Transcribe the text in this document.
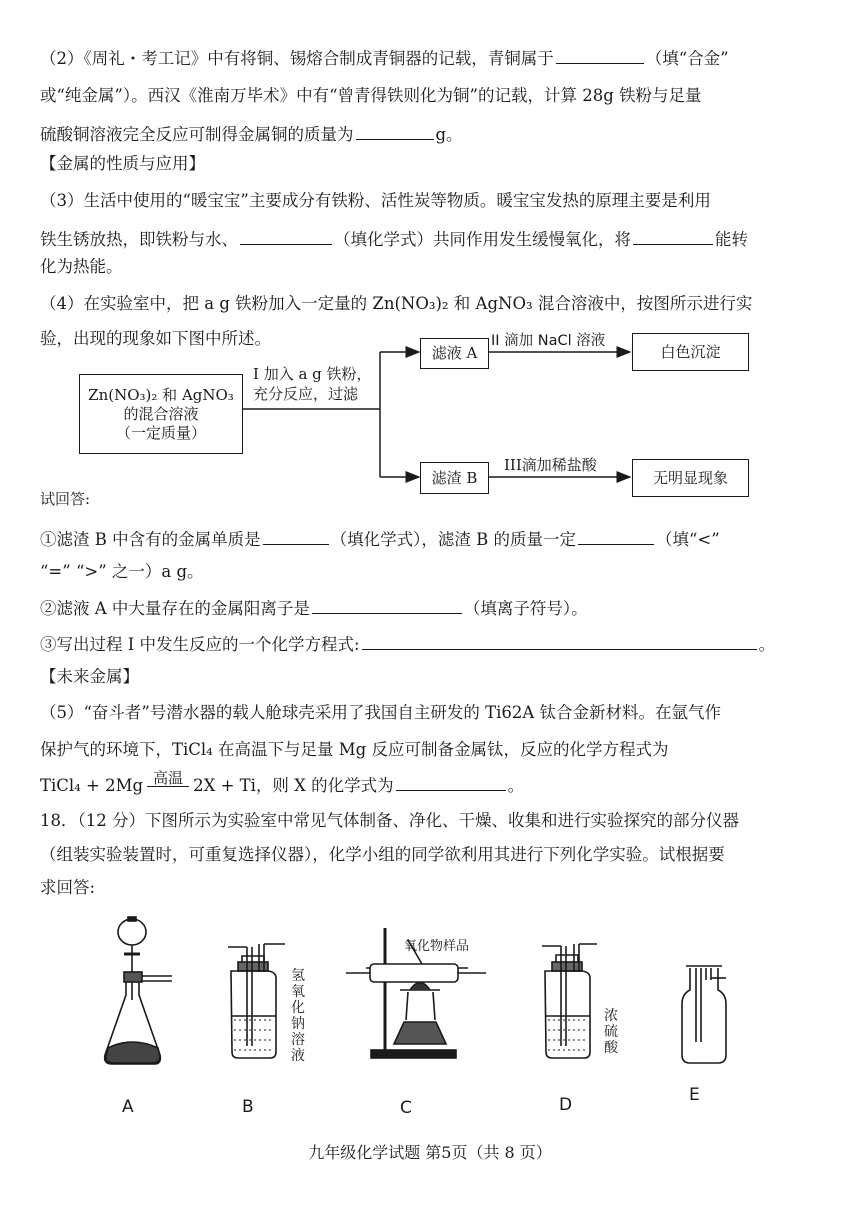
（2）《周礼・考工记》中有将铜、锡熔合制成青铜器的记载，青铜属于	（填“合金”
或“纯金属”）。西汉《淮南万毕术》中有“曾青得铁则化为铜”的记载，计算 28g 铁粉与足量
硫酸铜溶液完全反应可制得金属铜的质量为	g。
【金属的性质与应用】
（3）生活中使用的“暖宝宝”主要成分有铁粉、活性炭等物质。暖宝宝发热的原理主要是利用
铁生锈放热，即铁粉与水、	（填化学式）共同作用发生缓慢氧化，将	能转
化为热能。
（4）在实验室中，把 a g 铁粉加入一定量的 Zn(NO₃)₂ 和 AgNO₃ 混合溶液中，按图所示进行实
验，出现的现象如下图中所述。
Zn(NO₃)₂ 和 AgNO₃
的混合溶液
（一定质量）
I 加入 a g 铁粉，
充分反应，过滤
滤液 A
滤渣 B
II 滴加 NaCl 溶液
III滴加稀盐酸
白色沉淀
无明显现象
试回答:
①滤渣 B 中含有的金属单质是	（填化学式），滤渣 B 的质量一定	（填“<”
“=” “>” 之一）a g。
②滤液 A 中大量存在的金属阳离子是	（填离子符号）。
③写出过程 I 中发生反应的一个化学方程式:	。
【未来金属】
（5）“奋斗者”号潜水器的载人舱球壳采用了我国自主研发的 Ti62A 钛合金新材料。在氩气作
保护气的环境下，TiCl₄ 在高温下与足量 Mg 反应可制备金属钛，反应的化学方程式为
TiCl₄ + 2Mg 高温 2X + Ti，则 X 的化学式为	。
18．（12 分）下图所示为实验室中常见气体制备、净化、干燥、收集和进行实验探究的部分仪器
（组装实验装置时，可重复选择仪器），化学小组的同学欲利用其进行下列化学实验。试根据要
求回答:
氢氧化钠溶液
氧化物样品
浓硫酸
A	B	C	D	E
九年级化学试题 第5页（共 8 页）
